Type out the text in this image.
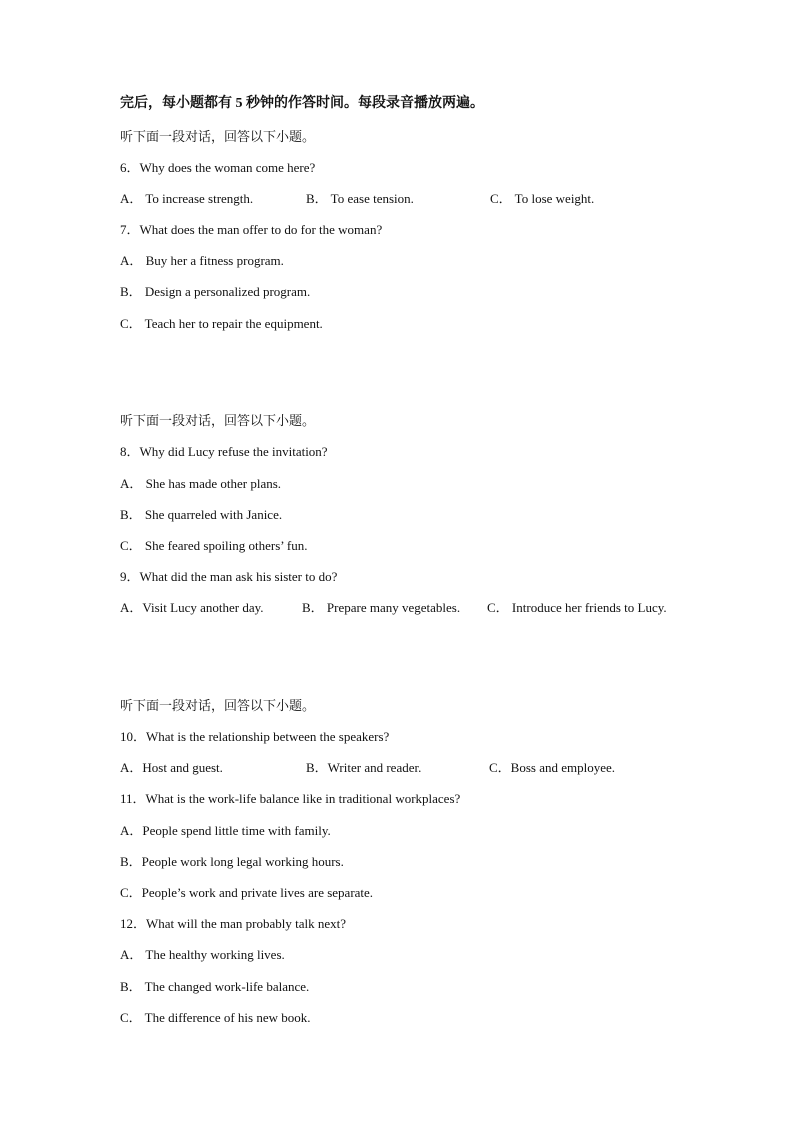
完后，每小题都有 5 秒钟的作答时间。每段录音播放两遍。
听下面一段对话，回答以下小题。
6．Why does the woman come here?
A． To increase strength.	B． To ease tension.	C． To lose weight.
7．What does the man offer to do for the woman?
A． Buy her a fitness program.
B． Design a personalized program.
C． Teach her to repair the equipment.
听下面一段对话，回答以下小题。
8．Why did Lucy refuse the invitation?
A． She has made other plans.
B． She quarreled with Janice.
C． She feared spoiling others’ fun.
9．What did the man ask his sister to do?
A．Visit Lucy another day.	B． Prepare many vegetables. C． Introduce her friends to Lucy.
听下面一段对话，回答以下小题。
10．What is the relationship between the speakers?
A．Host and guest.	B．Writer and reader.	C．Boss and employee.
11．What is the work-life balance like in traditional workplaces?
A．People spend little time with family.
B．People work long legal working hours.
C．People’s work and private lives are separate.
12．What will the man probably talk next?
A． The healthy working lives.
B． The changed work-life balance.
C． The difference of his new book.
